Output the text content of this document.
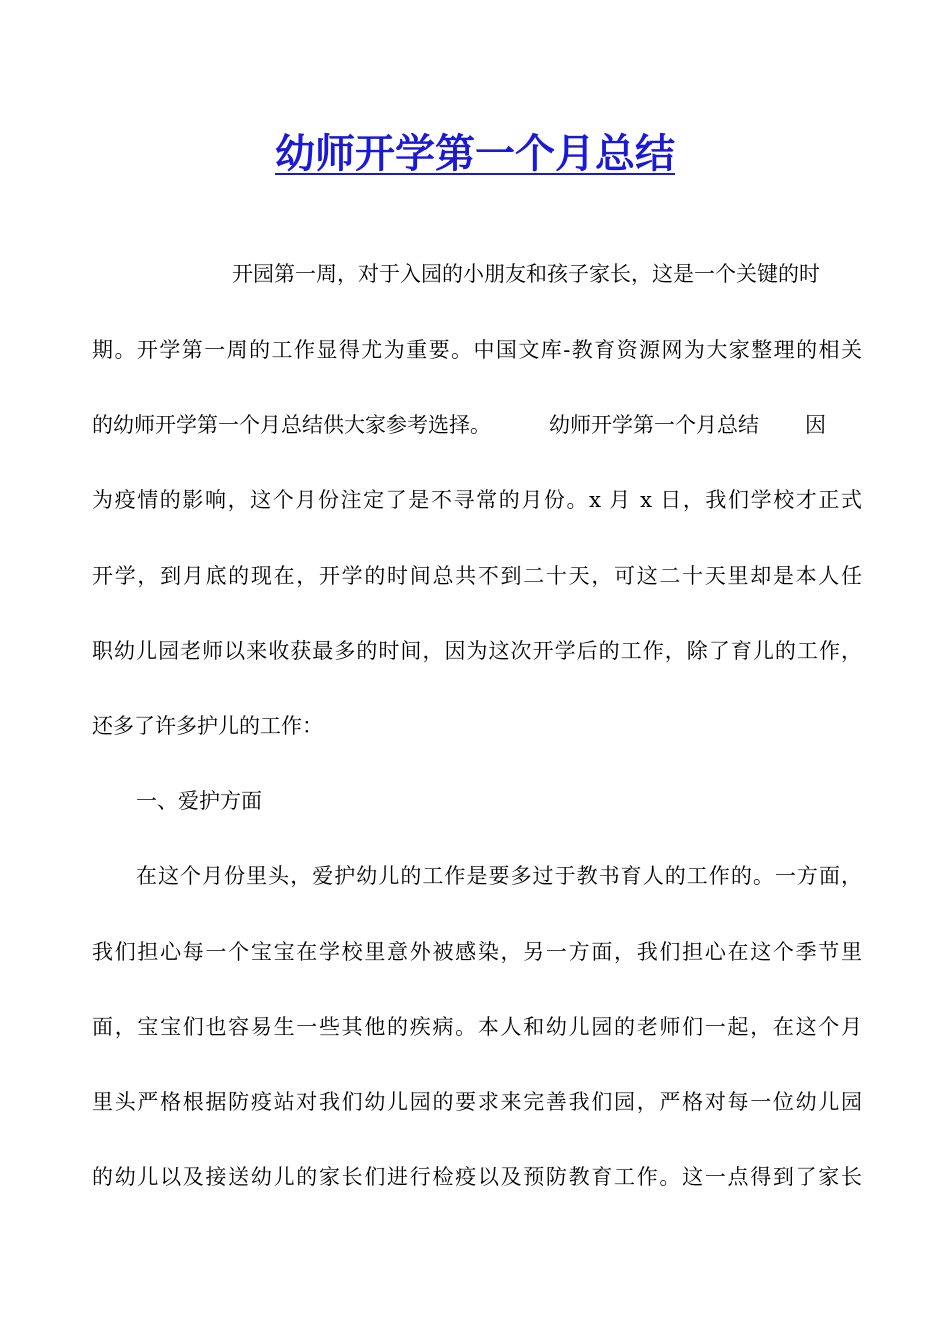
幼师开学第一个月总结

开园第一周，对于入园的小朋友和孩子家长，这是一个关键的时

期。开学第一周的工作显得尤为重要。中国文库-教育资源网为大家整理的相关

的幼师开学第一个月总结供大家参考选择。	幼师开学第一个月总结 因

为疫情的影响，这个月份注定了是不寻常的月份。x 月 x 日，我们学校才正式

开学，到月底的现在，开学的时间总共不到二十天，可这二十天里却是本人任

职幼儿园老师以来收获最多的时间，因为这次开学后的工作，除了育儿的工作，

还多了许多护儿的工作：

一、爱护方面

在这个月份里头，爱护幼儿的工作是要多过于教书育人的工作的。一方面，

我们担心每一个宝宝在学校里意外被感染，另一方面，我们担心在这个季节里

面，宝宝们也容易生一些其他的疾病。本人和幼儿园的老师们一起，在这个月

里头严格根据防疫站对我们幼儿园的要求来完善我们园，严格对每一位幼儿园

的幼儿以及接送幼儿的家长们进行检疫以及预防教育工作。这一点得到了家长
